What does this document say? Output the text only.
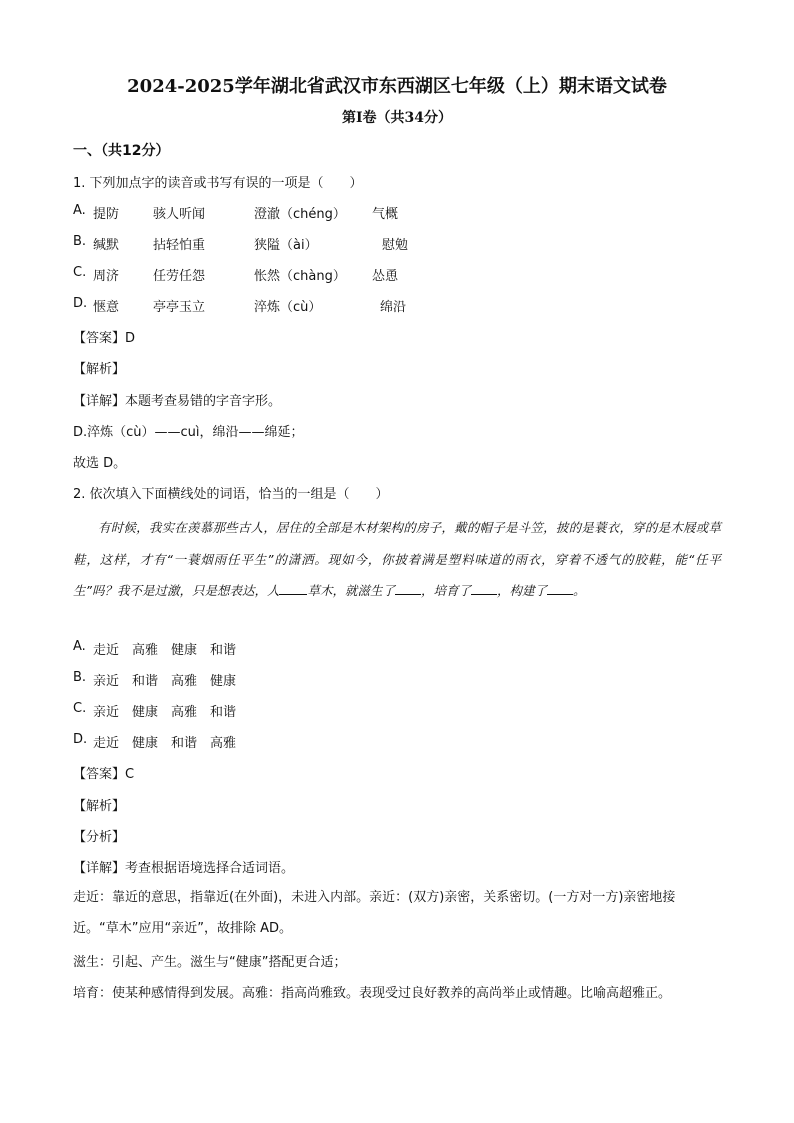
2024-2025学年湖北省武汉市东西湖区七年级（上）期末语文试卷
第Ⅰ卷（共34分）
一、（共12分）
1. 下列加点字的读音或书写有误的一项是（　　）
A. 提防	骇人听闻	澄澈（chéng） 气概
B. 缄默	拈轻怕重	狭隘（ài）	慰勉
C. 周济	任劳任怨	怅然（chàng） 怂恿
D. 惬意	亭亭玉立	淬炼（cù）	绵沿
【答案】D
【解析】
【详解】本题考查易错的字音字形。
D.淬炼（cù）——cuì，绵沿——绵延；
故选 D。
2. 依次填入下面横线处的词语，恰当的一组是（　　）
有时候，我实在羡慕那些古人，居住的全部是木材架构的房子，戴的帽子是斗笠，披的是蓑衣，穿的是木屐或草鞋，这样，才有“一蓑烟雨任平生”的潇洒。现如今，你披着满是塑料味道的雨衣，穿着不透气的胶鞋，能“任平生”吗？我不是过激，只是想表达，人 草木，就滋生了 ，培育了 ，构建了 。
A. 走近　高雅　健康　和谐
B. 亲近　和谐　高雅　健康
C. 亲近　健康　高雅　和谐
D. 走近　健康　和谐　高雅
【答案】C
【解析】
【分析】
【详解】考查根据语境选择合适词语。
走近：靠近的意思，指靠近(在外面)，未进入内部。亲近：(双方)亲密，关系密切。(一方对一方)亲密地接近。“草木”应用“亲近”，故排除 AD。
滋生：引起、产生。滋生与“健康”搭配更合适；
培育：使某种感情得到发展。高雅：指高尚雅致。表现受过良好教养的高尚举止或情趣。比喻高超雅正。
